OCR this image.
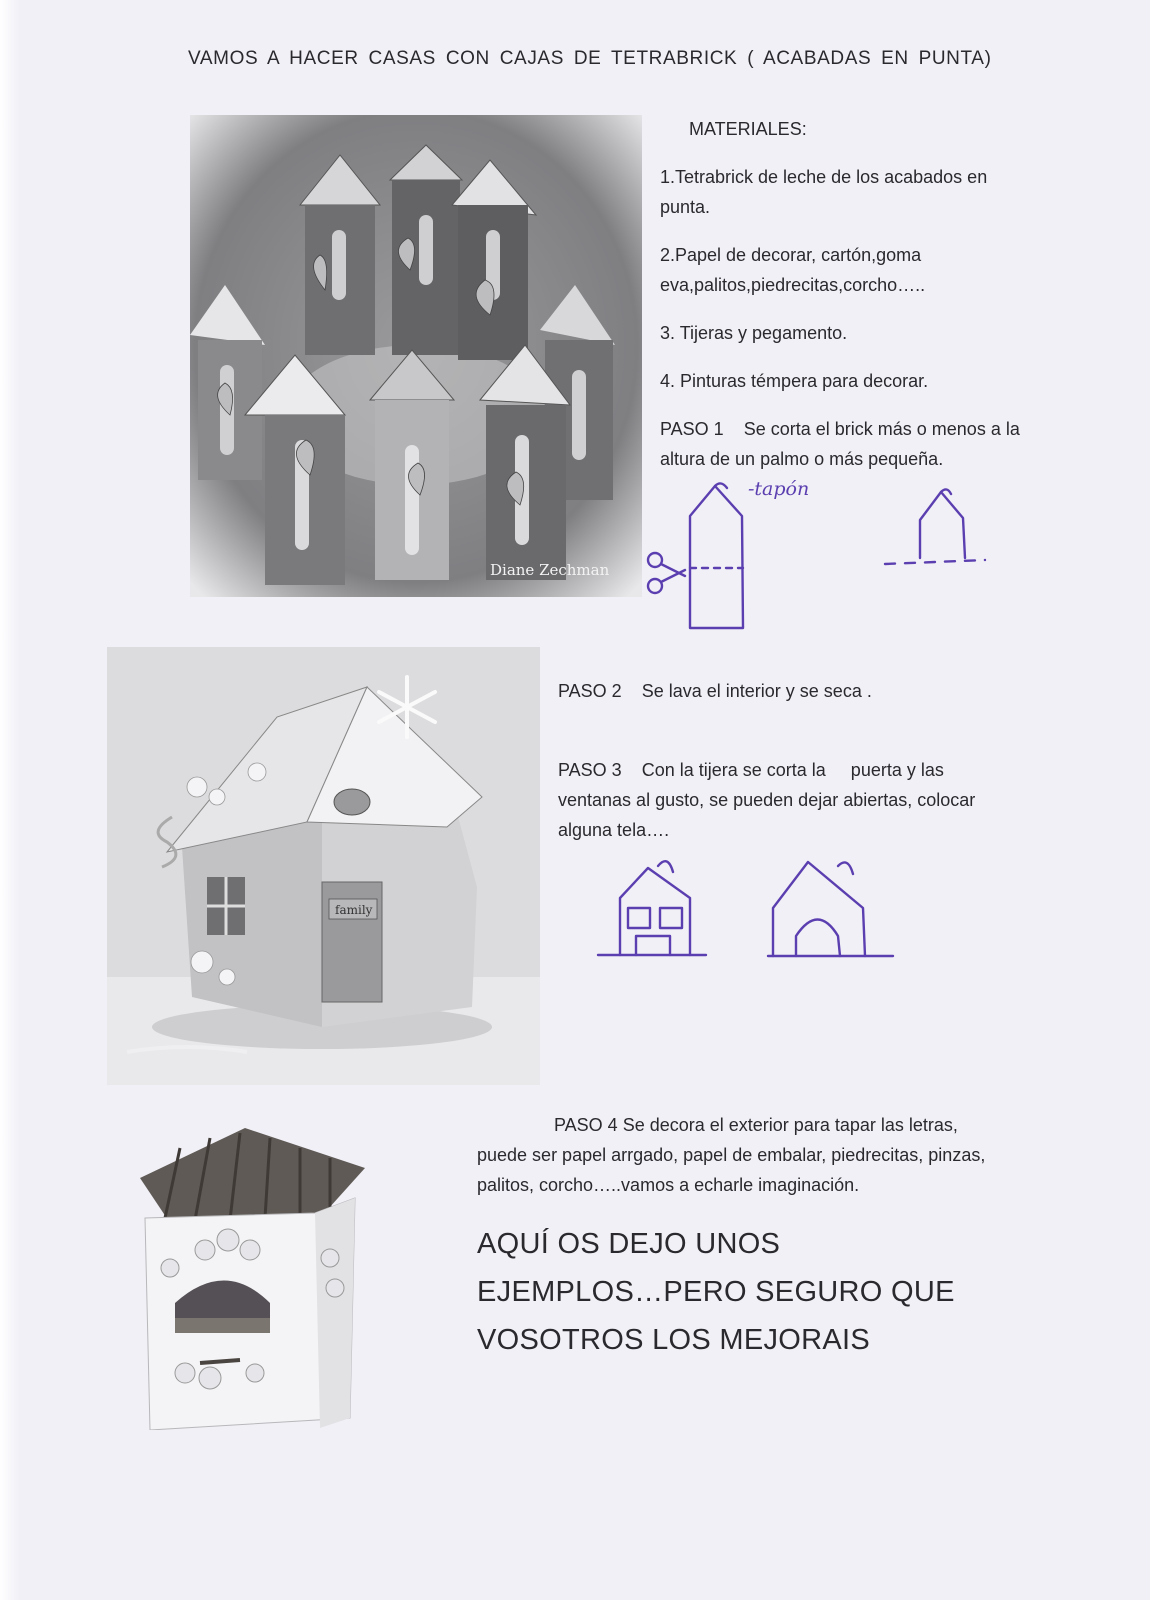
VAMOS A HACER CASAS CON CAJAS DE TETRABRICK ( ACABADAS EN PUNTA)
Diane Zechman
MATERIALES:
1.Tetrabrick de leche de los acabados en punta.
2.Papel de decorar, cartón,goma eva,palitos,piedrecitas,corcho…..
3. Tijeras y pegamento.
4. Pinturas témpera para decorar.
PASO 1 Se corta el brick más o menos a la altura de un palmo o más pequeña.
-tapón
family
PASO 2 Se lava el interior y se seca .
PASO 3 Con la tijera se corta la     puerta y las ventanas al gusto, se pueden dejar abiertas, colocar alguna tela….
PASO 4 Se decora el exterior para tapar las letras, puede ser papel arrgado, papel de embalar, piedrecitas, pinzas, palitos, corcho…..vamos a echarle imaginación.
AQUÍ OS DEJO UNOS
EJEMPLOS…PERO SEGURO QUE
VOSOTROS LOS MEJORAIS
